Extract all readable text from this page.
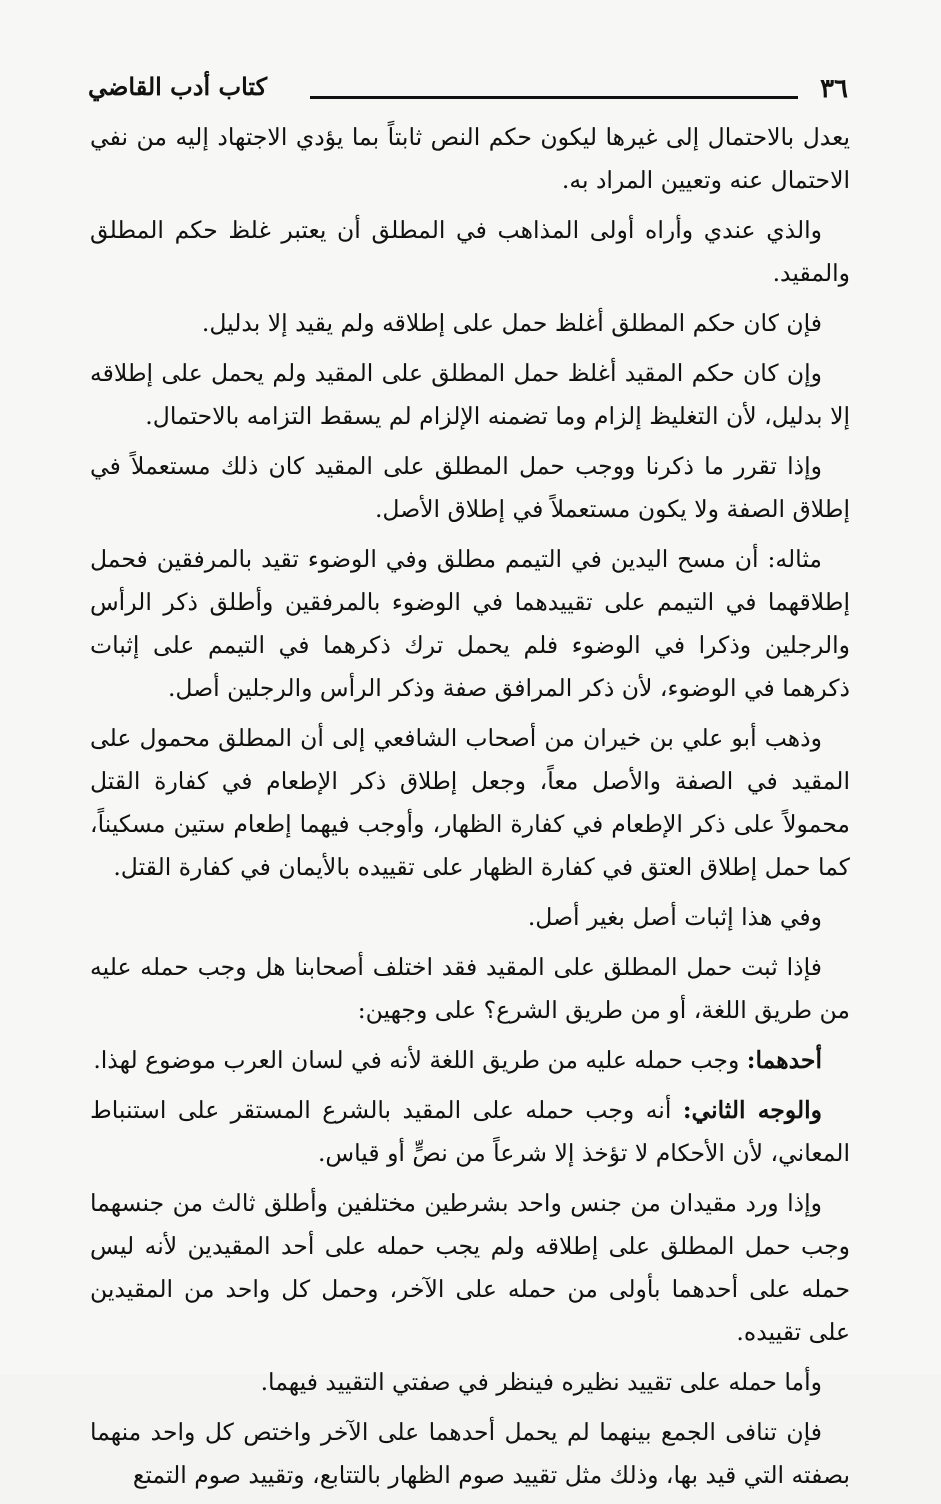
٣٦
كتاب أدب القاضي

يعدل بالاحتمال إلى غيرها ليكون حكم النص ثابتاً بما يؤدي الاجتهاد إليه من نفي الاحتمال عنه وتعيين المراد به.

والذي عندي وأراه أولى المذاهب في المطلق أن يعتبر غلظ حكم المطلق والمقيد.

فإن كان حكم المطلق أغلظ حمل على إطلاقه ولم يقيد إلا بدليل.

وإن كان حكم المقيد أغلظ حمل المطلق على المقيد ولم يحمل على إطلاقه إلا بدليل، لأن التغليظ إلزام وما تضمنه الإلزام لم يسقط التزامه بالاحتمال.

وإذا تقرر ما ذكرنا ووجب حمل المطلق على المقيد كان ذلك مستعملاً في إطلاق الصفة ولا يكون مستعملاً في إطلاق الأصل.

مثاله: أن مسح اليدين في التيمم مطلق وفي الوضوء تقيد بالمرفقين فحمل إطلاقهما في التيمم على تقييدهما في الوضوء بالمرفقين وأطلق ذكر الرأس والرجلين وذكرا في الوضوء فلم يحمل ترك ذكرهما في التيمم على إثبات ذكرهما في الوضوء، لأن ذكر المرافق صفة وذكر الرأس والرجلين أصل.

وذهب أبو علي بن خيران من أصحاب الشافعي إلى أن المطلق محمول على المقيد في الصفة والأصل معاً، وجعل إطلاق ذكر الإطعام في كفارة القتل محمولاً على ذكر الإطعام في كفارة الظهار، وأوجب فيهما إطعام ستين مسكيناً، كما حمل إطلاق العتق في كفارة الظهار على تقييده بالأيمان في كفارة القتل.

وفي هذا إثبات أصل بغير أصل.

فإذا ثبت حمل المطلق على المقيد فقد اختلف أصحابنا هل وجب حمله عليه من طريق اللغة، أو من طريق الشرع؟ على وجهين:

أحدهما: وجب حمله عليه من طريق اللغة لأنه في لسان العرب موضوع لهذا.

والوجه الثاني: أنه وجب حمله على المقيد بالشرع المستقر على استنباط المعاني، لأن الأحكام لا تؤخذ إلا شرعاً من نصٍّ أو قياس.

وإذا ورد مقيدان من جنس واحد بشرطين مختلفين وأطلق ثالث من جنسهما وجب حمل المطلق على إطلاقه ولم يجب حمله على أحد المقيدين لأنه ليس حمله على أحدهما بأولى من حمله على الآخر، وحمل كل واحد من المقيدين على تقييده.

وأما حمله على تقييد نظيره فينظر في صفتي التقييد فيهما.

فإن تنافى الجمع بينهما لم يحمل أحدهما على الآخر واختص كل واحد منهما بصفته التي قيد بها، وذلك مثل تقييد صوم الظهار بالتتابع، وتقييد صوم التمتع
